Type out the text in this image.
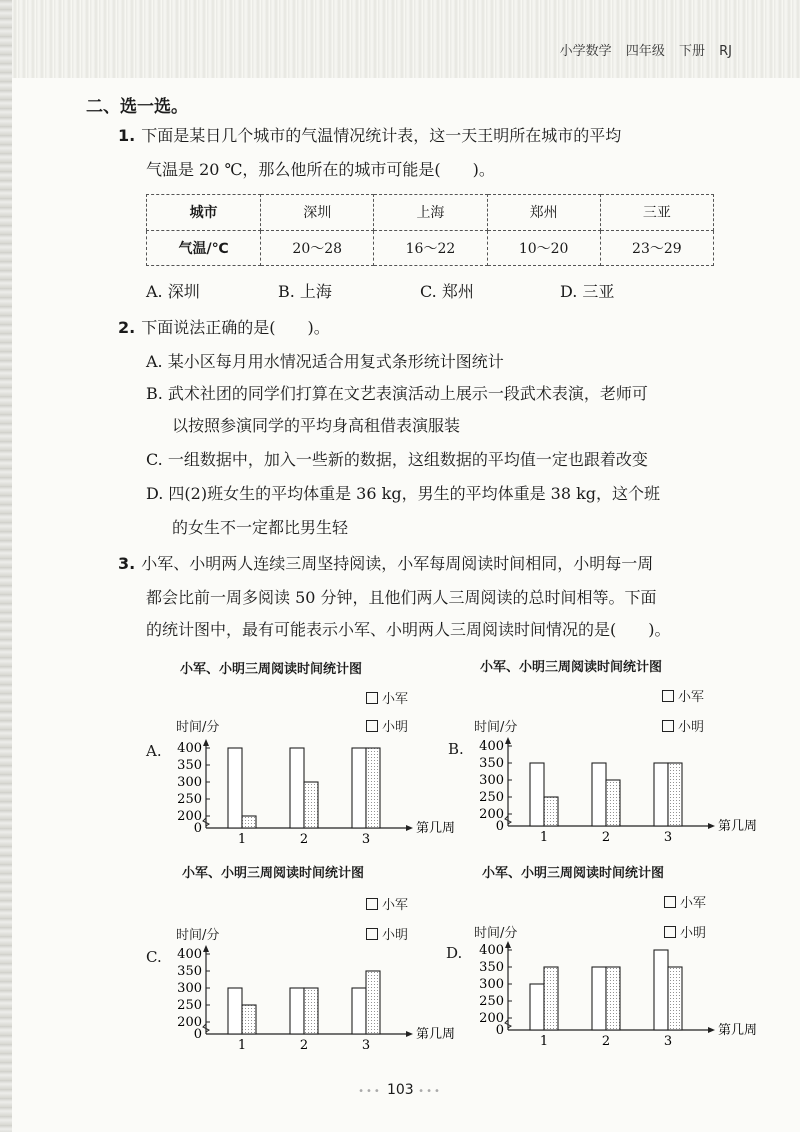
小学数学 四年级 下册 RJ
二、选一选。
1. 下面是某日几个城市的气温情况统计表，这一天王明所在城市的平均
气温是 20 ℃，那么他所在的城市可能是(　　)。
城市	深圳	上海	郑州	三亚
气温/℃	20～28	16～22	10～20	23～29
A. 深圳	B. 上海	C. 郑州	D. 三亚
2. 下面说法正确的是(　　)。
A. 某小区每月用水情况适合用复式条形统计图统计
B. 武术社团的同学们打算在文艺表演活动上展示一段武术表演，老师可
以按照参演同学的平均身高租借表演服装
C. 一组数据中，加入一些新的数据，这组数据的平均值一定也跟着改变
D. 四(2)班女生的平均体重是 36 kg，男生的平均体重是 38 kg，这个班
的女生不一定都比男生轻
3. 小军、小明两人连续三周坚持阅读，小军每周阅读时间相同，小明每一周
都会比前一周多阅读 50 分钟，且他们两人三周阅读的总时间相等。下面
的统计图中，最有可能表示小军、小明两人三周阅读时间情况的是(　　)。
小军、小明三周阅读时间统计图
小军
小明
时间/分
A.
0
200
250
300
350
400
1	2	3
第几周
小军、小明三周阅读时间统计图
小军
小明
时间/分
B.
0
200
250
300
350
400
1	2	3
第几周
小军、小明三周阅读时间统计图
小军
小明
时间/分
C.
0
200
250
300
350
400
1	2	3
第几周
小军、小明三周阅读时间统计图
小军
小明
时间/分
D.
0
200
250
300
350
400
1	2	3
第几周
••• 103 •••
